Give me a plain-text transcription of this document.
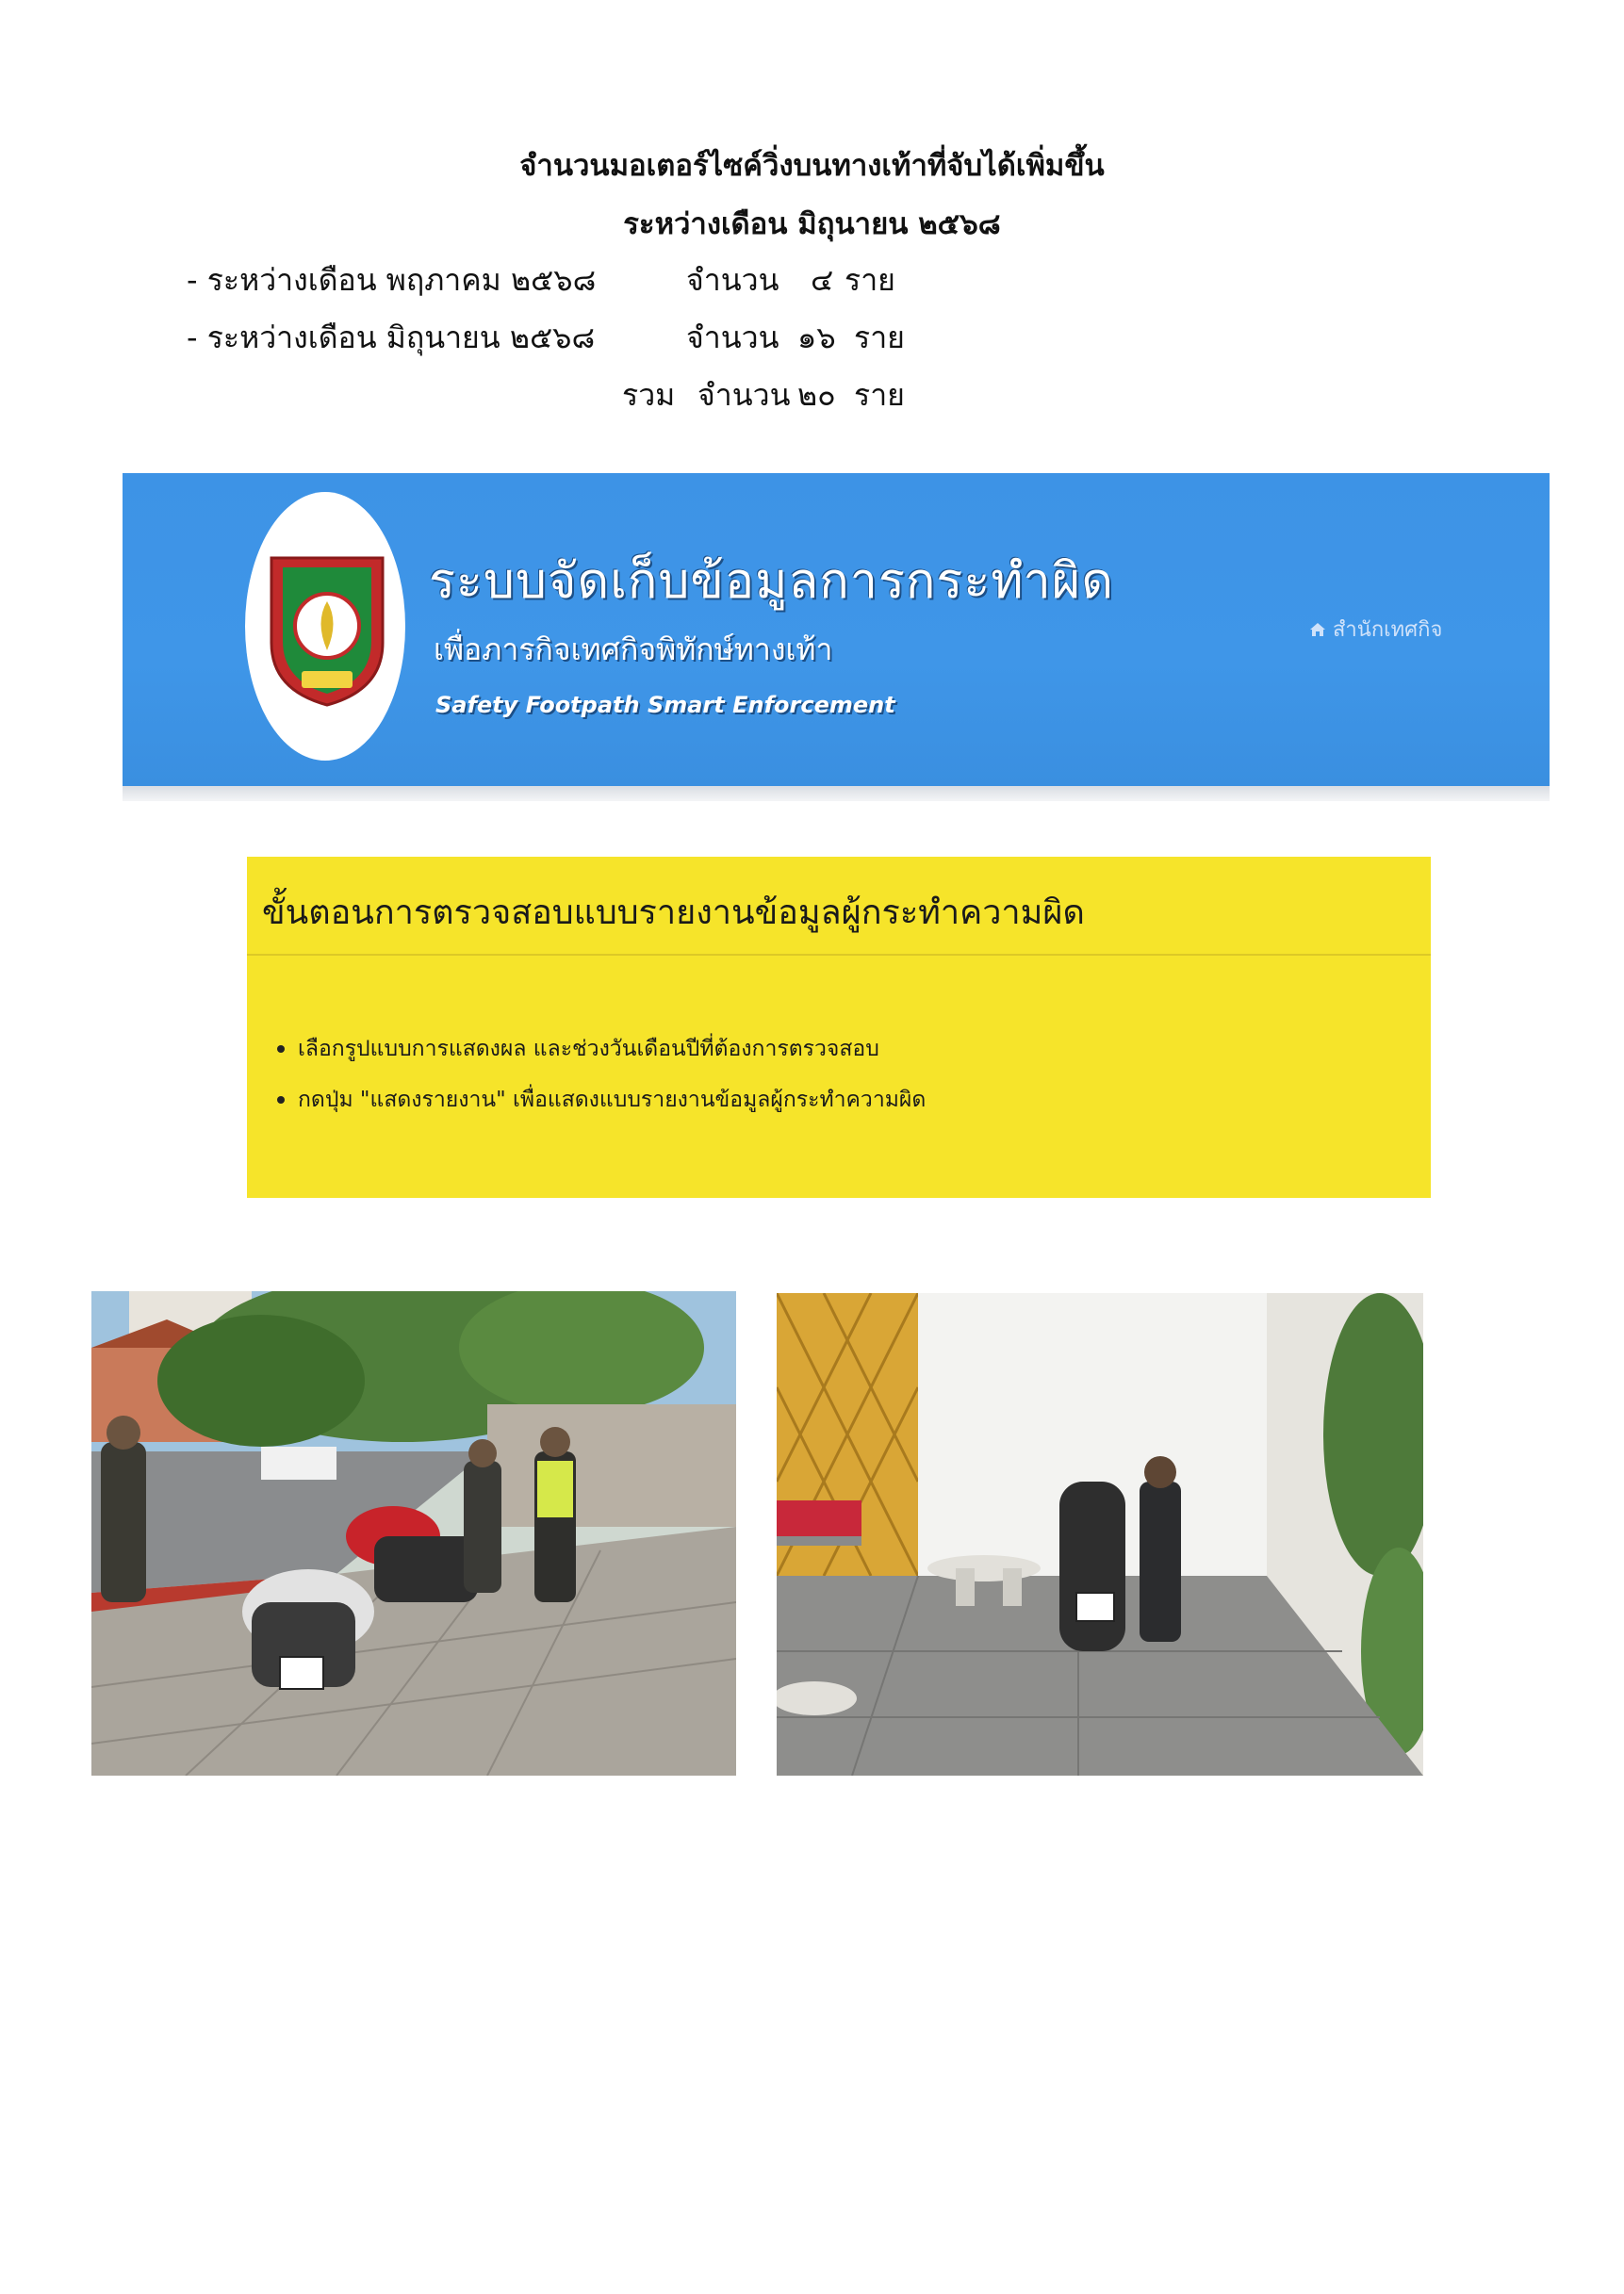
จำนวนมอเตอร์ไซค์วิ่งบนทางเท้าที่จับได้เพิ่มขึ้น
ระหว่างเดือน มิถุนายน ๒๕๖๘
- ระหว่างเดือน พฤภาคม ๒๕๖๘	จำนวน ๔ ราย
- ระหว่างเดือน มิถุนายน ๒๕๖๘	จำนวน ๑๖ ราย
รวม จำนวน ๒๐ ราย
ระบบจัดเก็บข้อมูลการกระทำผิด
เพื่อภารกิจเทศกิจพิทักษ์ทางเท้า
Safety Footpath Smart Enforcement
สำนักเทศกิจ
ขั้นตอนการตรวจสอบแบบรายงานข้อมูลผู้กระทำความผิด
เลือกรูปแบบการแสดงผล และช่วงวันเดือนปีที่ต้องการตรวจสอบ
กดปุ่ม "แสดงรายงาน" เพื่อแสดงแบบรายงานข้อมูลผู้กระทำความผิด
